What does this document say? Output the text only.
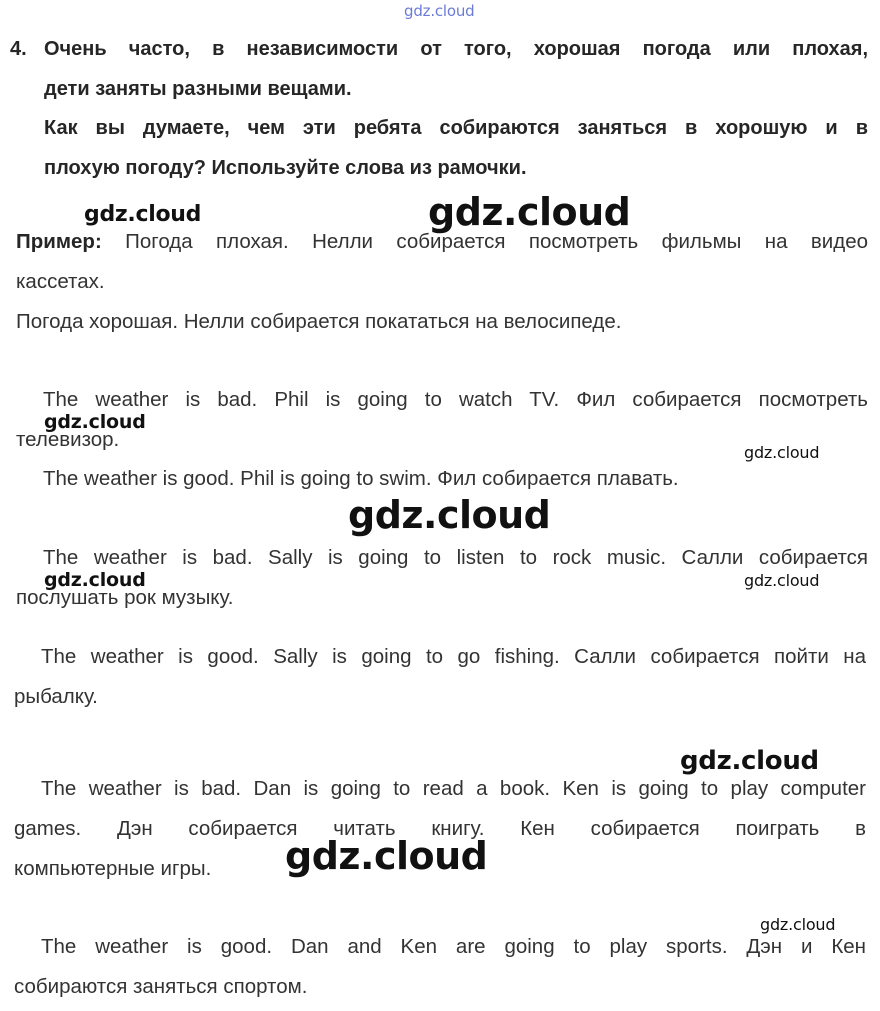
gdz.cloud
4. Очень часто, в независимости от того, хорошая погода или плохая,
дети заняты разными вещами.
Как вы думаете, чем эти ребята собираются заняться в хорошую и в
плохую погоду? Используйте слова из рамочки.
gdz.cloud	gdz.cloud
Пример: Погода плохая. Нелли собирается посмотреть фильмы на видео
кассетах.
Погода хорошая. Нелли собирается покататься на велосипеде.
The weather is bad. Phil is going to watch TV. Фил собирается посмотреть
телевизор.
gdz.cloud
gdz.cloud
The weather is good. Phil is going to swim. Фил собирается плавать.
gdz.cloud
The weather is bad. Sally is going to listen to rock music. Салли собирается
послушать рок музыку.
gdz.cloud	gdz.cloud
The weather is good. Sally is going to go fishing. Салли собирается пойти на
рыбалку.
gdz.cloud
The weather is bad. Dan is going to read a book. Ken is going to play computer
games. Дэн собирается читать книгу. Кен собирается поиграть в
компьютерные игры.	gdz.cloud
gdz.cloud
The weather is good. Dan and Ken are going to play sports. Дэн и Кен
собираются заняться спортом.
